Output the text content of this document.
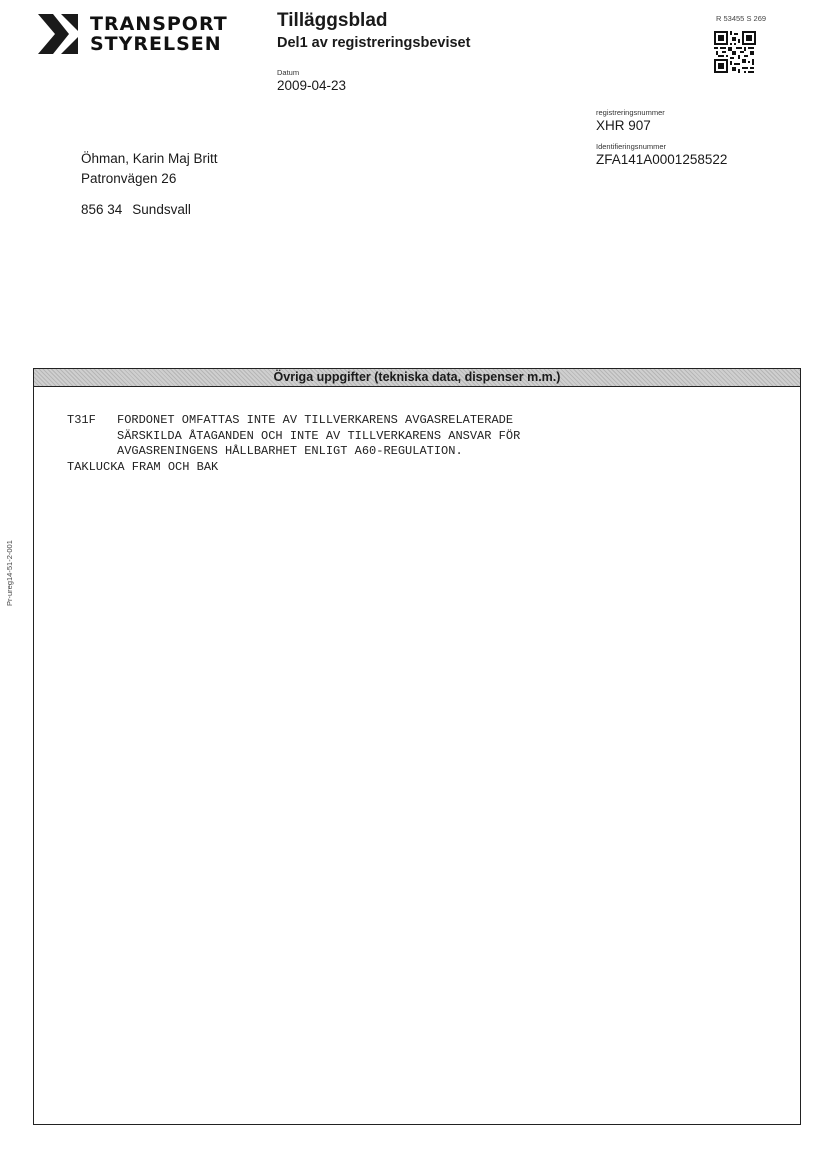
TRANSPORT
STYRELSEN
Tilläggsblad
Del1 av registreringsbeviset
Datum
2009-04-23
R 53455 S 269
registreringsnummer
XHR 907
Identifieringsnummer
ZFA141A0001258522
Öhman, Karin Maj Britt
Patronvägen 26
856 34 Sundsvall
Övriga uppgifter (tekniska data, dispenser m.m.)
T31F FORDONET OMFATTAS INTE AV TILLVERKARENS AVGASRELATERADE
SÄRSKILDA ÅTAGANDEN OCH INTE AV TILLVERKARENS ANSVAR FÖR
AVGASRENINGENS HÅLLBARHET ENLIGT A60-REGULATION.
TAKLUCKA FRAM OCH BAK
Pr-ureg14-51-2-001
